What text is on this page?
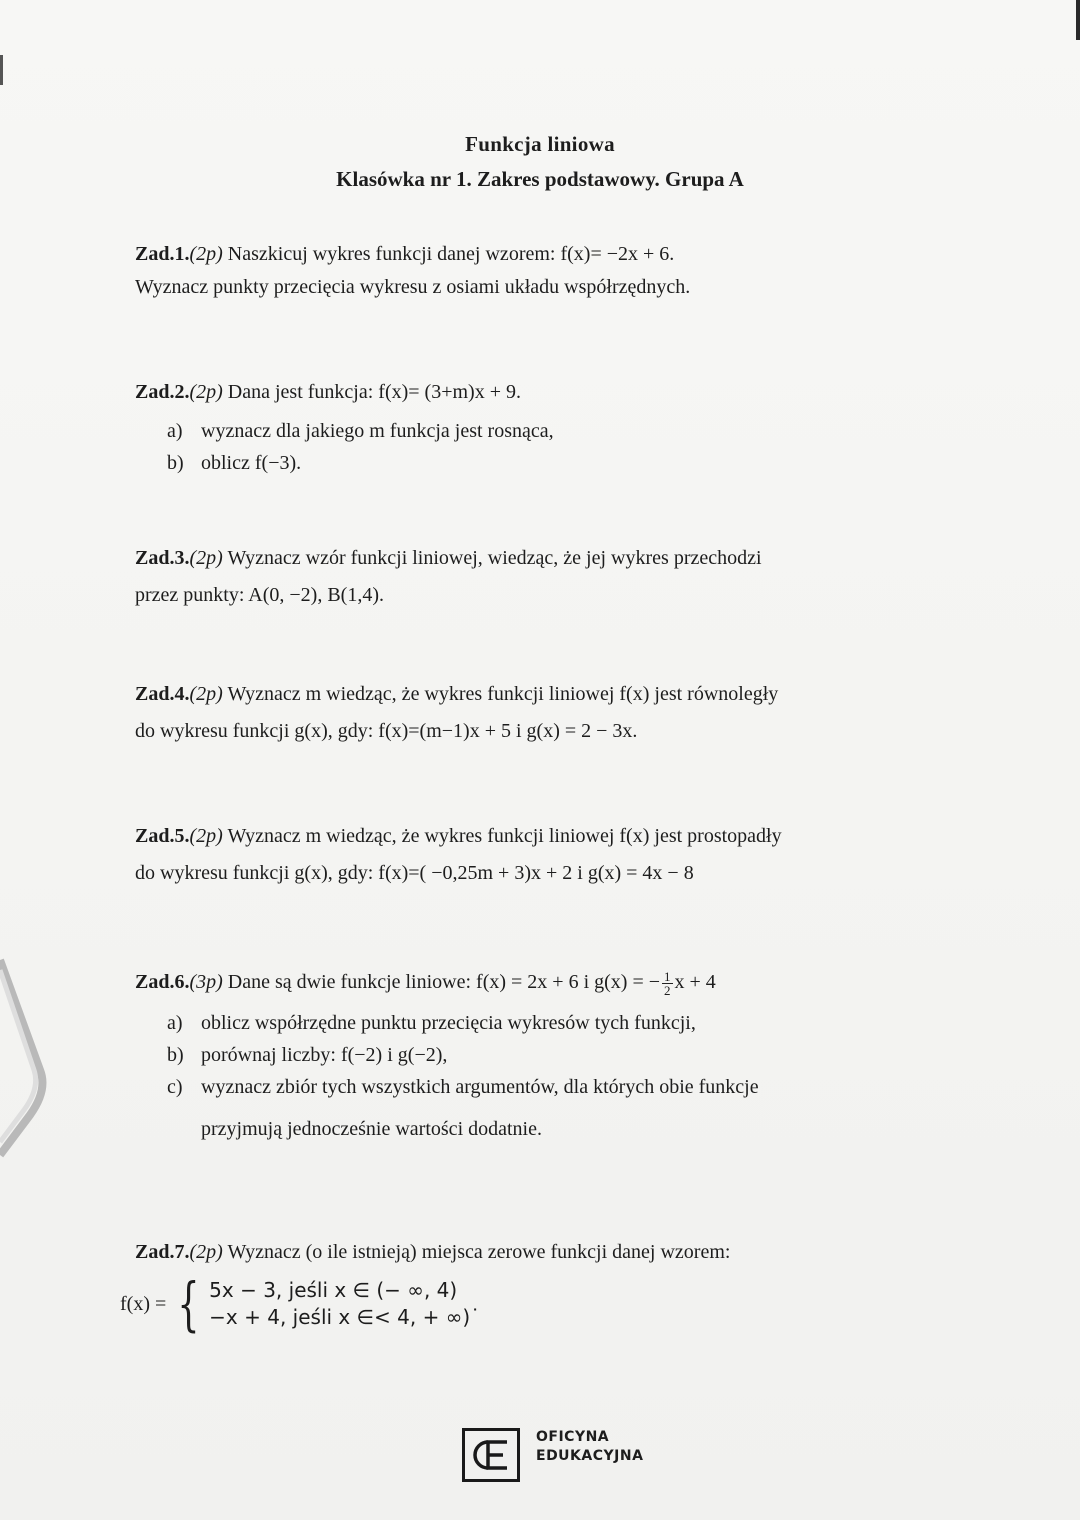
Funkcja liniowa
Klasówka nr 1. Zakres podstawowy. Grupa A
Zad.1.(2p) Naszkicuj wykres funkcji danej wzorem: f(x)= −2x + 6.
Wyznacz punkty przecięcia wykresu z osiami układu współrzędnych.
Zad.2.(2p) Dana jest funkcja: f(x)= (3+m)x + 9.
a) wyznacz dla jakiego m funkcja jest rosnąca,
b) oblicz f(−3).
Zad.3.(2p) Wyznacz wzór funkcji liniowej, wiedząc, że jej wykres przechodzi
przez punkty: A(0, −2), B(1,4).
Zad.4.(2p) Wyznacz m wiedząc, że wykres funkcji liniowej f(x) jest równoległy
do wykresu funkcji g(x), gdy: f(x)=(m−1)x + 5 i g(x) = 2 − 3x.
Zad.5.(2p) Wyznacz m wiedząc, że wykres funkcji liniowej f(x) jest prostopadły
do wykresu funkcji g(x), gdy: f(x)=( −0,25m + 3)x + 2 i g(x) = 4x − 8
Zad.6.(3p) Dane są dwie funkcje liniowe: f(x) = 2x + 6 i g(x) = − $\frac{1}{2}$ x + 4
a) oblicz współrzędne punktu przecięcia wykresów tych funkcji,
b) porównaj liczby: f(−2) i g(−2),
c) wyznacz zbiór tych wszystkich argumentów, dla których obie funkcje
przyjmują jednocześnie wartości dodatnie.
Zad.7.(2p) Wyznacz (o ile istnieją) miejsca zerowe funkcji danej wzorem:
f(x) = { 5x − 3, jeśli x ∈ (− ∞, 4)
−x + 4, jeśli x ∈< 4, + ∞)˙
OFICYNA
EDUKACYJNA
